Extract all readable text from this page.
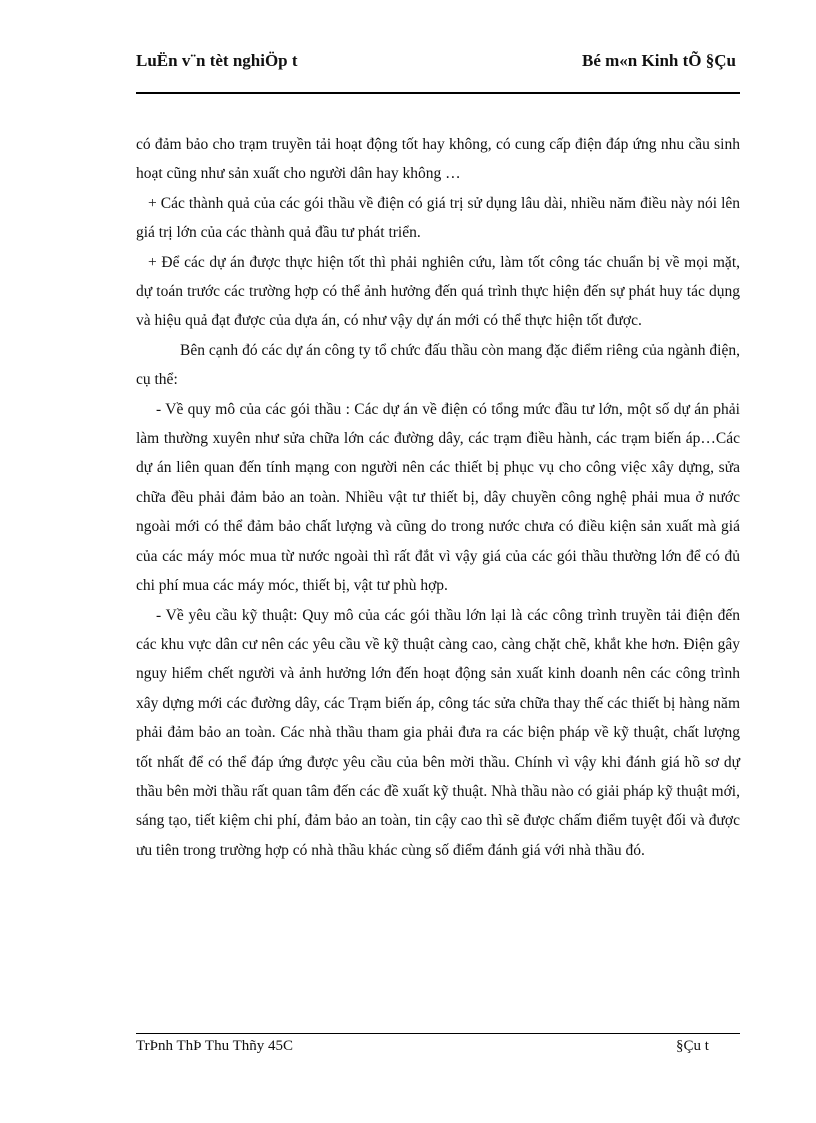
LuËn v¨n tèt nghiÖp t	Bé m«n Kinh tÕ §Çu

có đảm bảo cho trạm truyền tải hoạt động tốt hay không, có cung cấp điện đáp ứng nhu cầu sinh hoạt cũng như sản xuất cho người dân hay không …

+ Các thành quả của các gói thầu về điện có giá trị sử dụng lâu dài, nhiều năm điều này nói lên giá trị lớn của các thành quả đầu tư phát triển.

+ Để các dự án được thực hiện tốt thì phải nghiên cứu, làm tốt công tác chuẩn bị về mọi mặt, dự toán trước các trường hợp có thể ảnh hưởng đến quá trình thực hiện đến sự phát huy tác dụng và hiệu quả đạt được của dựa án, có như vậy dự án mới có thể thực hiện tốt được.

Bên cạnh đó các dự án công ty tổ chức đấu thầu còn mang đặc điểm riêng của ngành điện, cụ thể:

- Về quy mô của các gói thầu : Các dự án về điện có tổng mức đầu tư lớn, một số dự án phải làm thường xuyên như sửa chữa lớn các đường dây, các trạm điều hành, các trạm biến áp…Các dự án liên quan đến tính mạng con người nên các thiết bị phục vụ cho công việc xây dựng, sửa chữa đều phải đảm bảo an toàn. Nhiều vật tư thiết bị, dây chuyền công nghệ phải mua ở nước ngoài mới có thể đảm bảo chất lượng và cũng do trong nước chưa có điều kiện sản xuất mà giá của các máy móc mua từ nước ngoài thì rất đắt vì vậy giá của các gói thầu thường lớn để có đủ chi phí mua các máy móc, thiết bị, vật tư phù hợp.

- Về yêu cầu kỹ thuật: Quy mô của các gói thầu lớn lại là các công trình truyền tải điện đến các khu vực dân cư nên các yêu cầu về kỹ thuật càng cao, càng chặt chẽ, khắt khe hơn. Điện gây nguy hiểm chết người và ảnh hưởng lớn đến hoạt động sản xuất kinh doanh nên các công trình xây dựng mới các đường dây, các Trạm biến áp, công tác sửa chữa thay thế các thiết bị hàng năm phải đảm bảo an toàn. Các nhà thầu tham gia phải đưa ra các biện pháp về kỹ thuật, chất lượng tốt nhất để có thể đáp ứng được yêu cầu của bên mời thầu. Chính vì vậy khi đánh giá hồ sơ dự thầu bên mời thầu rất quan tâm đến các đề xuất kỹ thuật. Nhà thầu nào có giải pháp kỹ thuật mới, sáng tạo, tiết kiệm chi phí, đảm bảo an toàn, tin cậy cao thì sẽ được chấm điểm tuyệt đối và được ưu tiên trong trường hợp có nhà thầu khác cùng số điểm đánh giá với nhà thầu đó.

TrÞnh ThÞ Thu Thñy 45C	§Çu t
